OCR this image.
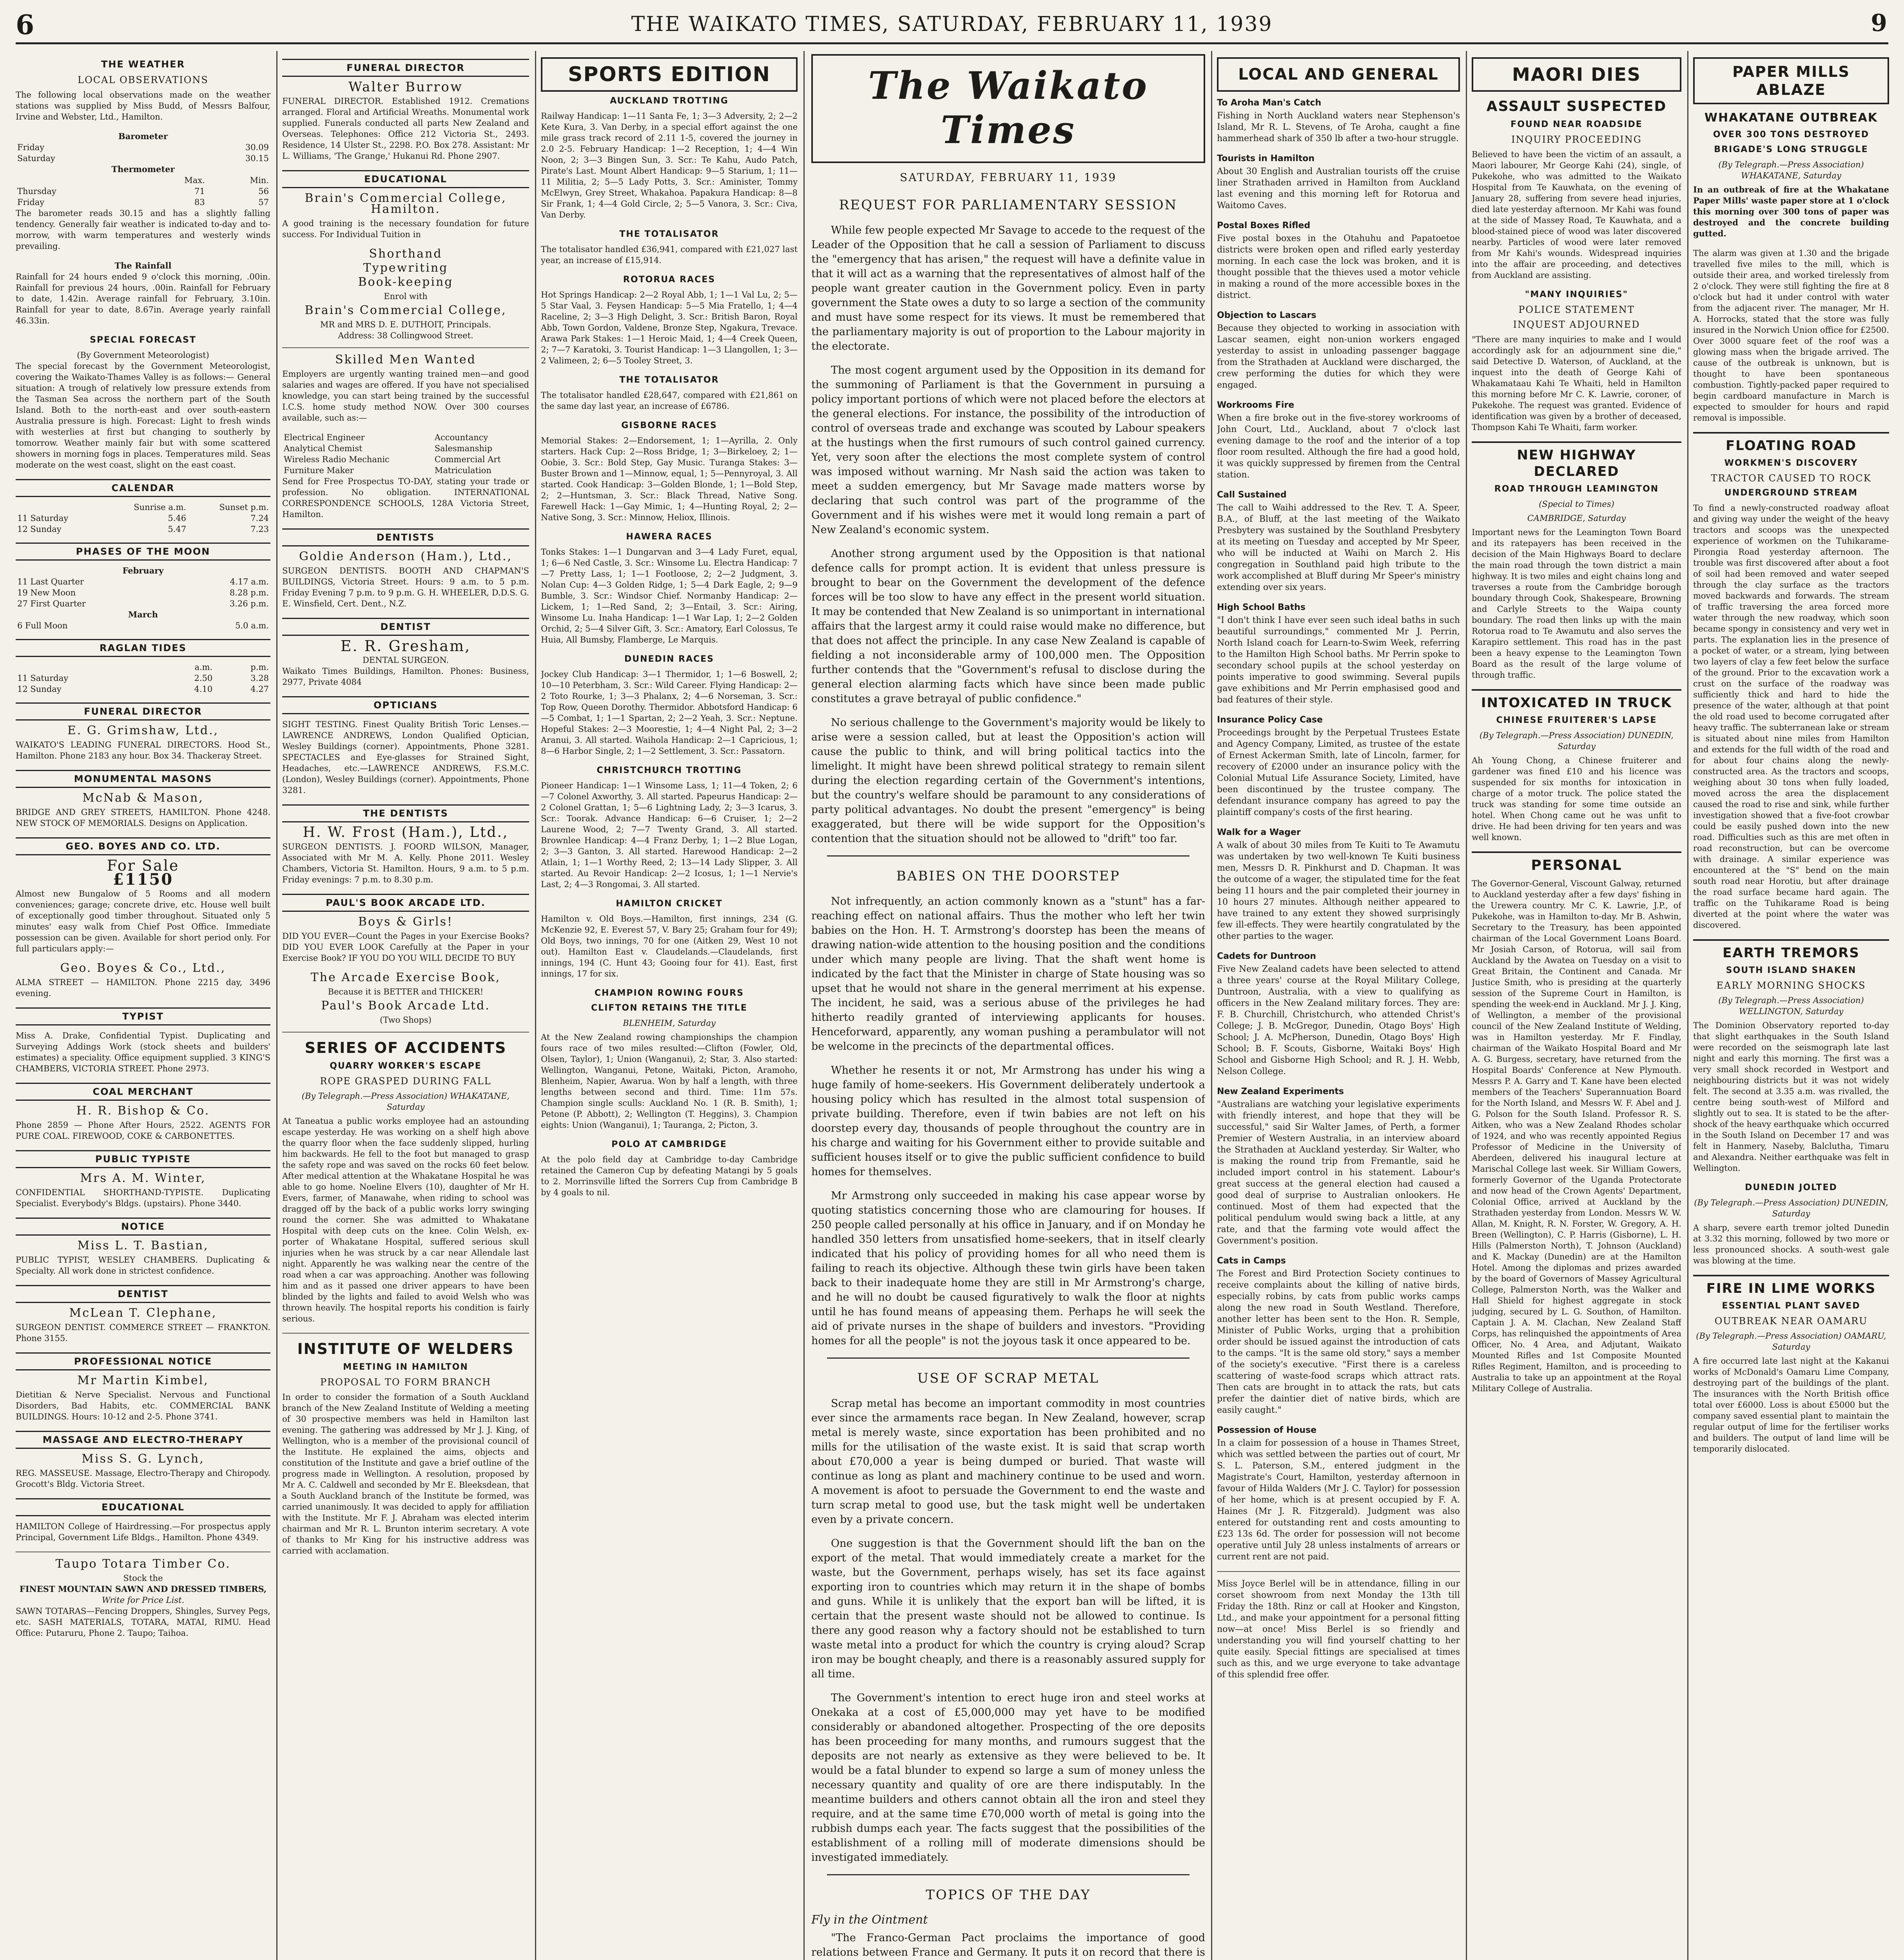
6	THE WAIKATO TIMES, SATURDAY, FEBRUARY 11, 1939	9
THE WEATHER
LOCAL OBSERVATIONS

The following local observations made on the weather stations was supplied by Miss Budd, of Messrs Balfour, Irvine and Webster, Ltd., Hamilton.

Barometer
Friday	30.09
Saturday	30.15
Thermometer
	Max.	Min.
Thursday	71	56
Friday	83	57

The barometer reads 30.15 and has a slightly falling tendency. Generally fair weather is indicated to-day and to-morrow, with warm temperatures and westerly winds prevailing.

The Rainfall

Rainfall for 24 hours ended 9 o'clock this morning, .00in. Rainfall for previous 24 hours, .00in. Rainfall for February to date, 1.42in. Average rainfall for February, 3.10in. Rainfall for year to date, 8.67in. Average yearly rainfall 46.33in.

SPECIAL FORECAST
(By Government Meteorologist)

The special forecast by the Government Meteorologist, covering the Waikato-Thames Valley is as follows:— General situation: A trough of relatively low pressure extends from the Tasman Sea across the northern part of the South Island. Both to the north-east and over south-eastern Australia pressure is high. Forecast: Light to fresh winds with westerlies at first but changing to southerly by tomorrow. Weather mainly fair but with some scattered showers in morning fogs in places. Temperatures mild. Seas moderate on the west coast, slight on the east coast.

CALENDAR
	Sunrise a.m.	Sunset p.m.
11 Saturday	5.46	7.24
12 Sunday	5.47	7.23
PHASES OF THE MOON
February
11 Last Quarter	4.17 a.m.
19 New Moon	8.28 p.m.
27 First Quarter	3.26 p.m.
March
6 Full Moon	5.0 a.m.
RAGLAN TIDES
	a.m.	p.m.
11 Saturday	2.50	3.28
12 Sunday	4.10	4.27
FUNERAL DIRECTOR
E. G. Grimshaw, Ltd.,

WAIKATO'S LEADING FUNERAL DIRECTORS. Hood St., Hamilton. Phone 2183 any hour. Box 34. Thackeray Street.

MONUMENTAL MASONS
McNab & Mason,

BRIDGE AND GREY STREETS, HAMILTON. Phone 4248. NEW STOCK OF MEMORIALS. Designs on Application.

GEO. BOYES AND CO. LTD.
For Sale
£1150

Almost new Bungalow of 5 Rooms and all modern conveniences; garage; concrete drive, etc. House well built of exceptionally good timber throughout. Situated only 5 minutes' easy walk from Chief Post Office. Immediate possession can be given. Available for short period only. For full particulars apply:—

Geo. Boyes & Co., Ltd.,

ALMA STREET — HAMILTON. Phone 2215 day, 3496 evening.

TYPIST

Miss A. Drake, Confidential Typist. Duplicating and Surveying Addings Work (stock sheets and builders' estimates) a speciality. Office equipment supplied. 3 KING'S CHAMBERS, VICTORIA STREET. Phone 2973.

COAL MERCHANT
H. R. Bishop & Co.

Phone 2859 — Phone After Hours, 2522. AGENTS FOR PURE COAL. FIREWOOD, COKE & CARBONETTES.

PUBLIC TYPISTE
Mrs A. M. Winter,

CONFIDENTIAL SHORTHAND-TYPISTE. Duplicating Specialist. Everybody's Bldgs. (upstairs). Phone 3440.

NOTICE
Miss L. T. Bastian,

PUBLIC TYPIST, WESLEY CHAMBERS. Duplicating & Specialty. All work done in strictest confidence.

DENTIST
McLean T. Clephane,

SURGEON DENTIST. COMMERCE STREET — FRANKTON. Phone 3155.

PROFESSIONAL NOTICE
Mr Martin Kimbel,

Dietitian & Nerve Specialist. Nervous and Functional Disorders, Bad Habits, etc. COMMERCIAL BANK BUILDINGS. Hours: 10-12 and 2-5. Phone 3741.

MASSAGE AND ELECTRO-THERAPY
Miss S. G. Lynch,

REG. MASSEUSE. Massage, Electro-Therapy and Chiropody. Grocott's Bldg. Victoria Street.

EDUCATIONAL

HAMILTON College of Hairdressing.—For prospectus apply Principal, Government Life Bldgs., Hamilton. Phone 4349.

Taupo Totara Timber Co.
Stock the
FINEST MOUNTAIN SAWN AND DRESSED TIMBERS,
Write for Price List.

SAWN TOTARAS—Fencing Droppers, Shingles, Survey Pegs, etc. SASH MATERIALS, TOTARA, MATAI, RIMU. Head Office: Putaruru, Phone 2. Taupo; Taihoa.

FUNERAL DIRECTOR
Walter Burrow

FUNERAL DIRECTOR. Established 1912. Cremations arranged. Floral and Artificial Wreaths. Monumental work supplied. Funerals conducted all parts New Zealand and Overseas. Telephones: Office 212 Victoria St., 2493. Residence, 14 Ulster St., 2298. P.O. Box 278. Assistant: Mr L. Williams, 'The Grange,' Hukanui Rd. Phone 2907.

EDUCATIONAL
Brain's Commercial College, Hamilton.

A good training is the necessary foundation for future success. For Individual Tuition in

Shorthand
Typewriting
Book-keeping
Enrol with
Brain's Commercial College,
MR and MRS D. E. DUTHOIT, Principals.
Address: 38 Collingwood Street.
Skilled Men Wanted

Employers are urgently wanting trained men—and good salaries and wages are offered. If you have not specialised knowledge, you can start being trained by the successful I.C.S. home study method NOW. Over 300 courses available, such as:—

Electrical Engineer	Accountancy
Analytical Chemist	Salesmanship
Wireless Radio Mechanic	Commercial Art
Furniture Maker	Matriculation

Send for Free Prospectus TO-DAY, stating your trade or profession. No obligation. INTERNATIONAL CORRESPONDENCE SCHOOLS, 128A Victoria Street, Hamilton.

DENTISTS
Goldie Anderson (Ham.), Ltd.,

SURGEON DENTISTS. BOOTH AND CHAPMAN'S BUILDINGS, Victoria Street. Hours: 9 a.m. to 5 p.m. Friday Evening 7 p.m. to 9 p.m. G. H. WHEELER, D.D.S. G. E. Winsfield, Cert. Dent., N.Z.

DENTIST
E. R. Gresham,
DENTAL SURGEON.

Waikato Times Buildings, Hamilton. Phones: Business, 2977, Private 4084

OPTICIANS

SIGHT TESTING. Finest Quality British Toric Lenses.—LAWRENCE ANDREWS, London Qualified Optician, Wesley Buildings (corner). Appointments, Phone 3281. SPECTACLES and Eye-glasses for Strained Sight, Headaches, etc.—LAWRENCE ANDREWS, F.S.M.C. (London), Wesley Buildings (corner). Appointments, Phone 3281.

THE DENTISTS
H. W. Frost (Ham.), Ltd.,

SURGEON DENTISTS. J. FOORD WILSON, Manager, Associated with Mr M. A. Kelly. Phone 2011. Wesley Chambers, Victoria St. Hamilton. Hours, 9 a.m. to 5 p.m. Friday evenings: 7 p.m. to 8.30 p.m.

PAUL'S BOOK ARCADE LTD.
Boys & Girls!

DID YOU EVER—Count the Pages in your Exercise Books? DID YOU EVER LOOK Carefully at the Paper in your Exercise Book? IF YOU DO YOU WILL DECIDE TO BUY

The Arcade Exercise Book,
Because it is BETTER and THICKER!
Paul's Book Arcade Ltd.
(Two Shops)
SERIES OF ACCIDENTS
QUARRY WORKER'S ESCAPE
ROPE GRASPED DURING FALL
(By Telegraph.—Press Association) WHAKATANE, Saturday

At Taneatua a public works employee had an astounding escape yesterday. He was working on a shelf high above the quarry floor when the face suddenly slipped, hurling him backwards. He fell to the foot but managed to grasp the safety rope and was saved on the rocks 60 feet below. After medical attention at the Whakatane Hospital he was able to go home. Noeline Elvers (10), daughter of Mr H. Evers, farmer, of Manawahe, when riding to school was dragged off by the back of a public works lorry swinging round the corner. She was admitted to Whakatane Hospital with deep cuts on the knee. Colin Welsh, ex-porter of Whakatane Hospital, suffered serious skull injuries when he was struck by a car near Allendale last night. Apparently he was walking near the centre of the road when a car was approaching. Another was following him and as it passed one driver appears to have been blinded by the lights and failed to avoid Welsh who was thrown heavily. The hospital reports his condition is fairly serious.

INSTITUTE OF WELDERS
MEETING IN HAMILTON
PROPOSAL TO FORM BRANCH

In order to consider the formation of a South Auckland branch of the New Zealand Institute of Welding a meeting of 30 prospective members was held in Hamilton last evening. The gathering was addressed by Mr J. J. King, of Wellington, who is a member of the provisional council of the Institute. He explained the aims, objects and constitution of the Institute and gave a brief outline of the progress made in Wellington. A resolution, proposed by Mr A. C. Caldwell and seconded by Mr E. Bleeksdean, that a South Auckland branch of the Institute be formed, was carried unanimously. It was decided to apply for affiliation with the Institute. Mr F. J. Abraham was elected interim chairman and Mr R. L. Brunton interim secretary. A vote of thanks to Mr King for his instructive address was carried with acclamation.

SPORTS EDITION
AUCKLAND TROTTING

Railway Handicap: 1—11 Santa Fe, 1; 3—3 Adversity, 2; 2—2 Kete Kura, 3. Van Derby, in a special effort against the one mile grass track record of 2.11 1-5, covered the journey in 2.0 2-5. February Handicap: 1—2 Reception, 1; 4—4 Win Noon, 2; 3—3 Bingen Sun, 3. Scr.: Te Kahu, Audo Patch, Pirate's Last. Mount Albert Handicap: 9—5 Starium, 1; 11—11 Militia, 2; 5—5 Lady Potts, 3. Scr.: Aminister, Tommy McElwyn, Grey Street, Whakahoa. Papakura Handicap: 8—8 Sir Frank, 1; 4—4 Gold Circle, 2; 5—5 Vanora, 3. Scr.: Civa, Van Derby.

THE TOTALISATOR

The totalisator handled £36,941, compared with £21,027 last year, an increase of £15,914.

ROTORUA RACES

Hot Springs Handicap: 2—2 Royal Abb, 1; 1—1 Val Lu, 2; 5—5 Star Vaal, 3. Feysen Handicap: 5—5 Mia Fratello, 1; 4—4 Raceline, 2; 3—3 High Delight, 3. Scr.: British Baron, Royal Abb, Town Gordon, Valdene, Bronze Step, Ngakura, Trevace. Arawa Park Stakes: 1—1 Heroic Maid, 1; 4—4 Creek Queen, 2; 7—7 Karatoki, 3. Tourist Handicap: 1—3 Llangollen, 1; 3—2 Valimeen, 2; 6—5 Tooley Street, 3.

THE TOTALISATOR

The totalisator handled £28,647, compared with £21,861 on the same day last year, an increase of £6786.

GISBORNE RACES

Memorial Stakes: 2—Endorsement, 1; 1—Ayrilla, 2. Only starters. Hack Cup: 2—Ross Bridge, 1; 3—Birkeloey, 2; 1—Oobie, 3. Scr.: Bold Step, Gay Music. Turanga Stakes: 3—Buster Brown and 1—Minnow, equal, 1; 5—Pennyroyal, 3. All started. Cook Handicap: 3—Golden Blonde, 1; 1—Bold Step, 2; 2—Huntsman, 3. Scr.: Black Thread, Native Song. Farewell Hack: 1—Gay Mimic, 1; 4—Hunting Royal, 2; 2—Native Song, 3. Scr.: Minnow, Heliox, Illinois.

HAWERA RACES

Tonks Stakes: 1—1 Dungarvan and 3—4 Lady Furet, equal, 1; 6—6 Ned Castle, 3. Scr.: Winsome Lu. Electra Handicap: 7—7 Pretty Lass, 1; 1—1 Footloose, 2; 2—2 Judgment, 3. Nolan Cup: 4—3 Golden Ridge, 1; 5—4 Dark Eagle, 2; 9—9 Bumble, 3. Scr.: Windsor Chief. Normanby Handicap: 2—Lickem, 1; 1—Red Sand, 2; 3—Entail, 3. Scr.: Airing, Winsome Lu. Inaha Handicap: 1—1 War Lap, 1; 2—2 Golden Orchid, 2; 5—4 Silver Gift, 3. Scr.: Amatory, Earl Colossus, Te Huia, All Bumsby, Flamberge, Le Marquis.

DUNEDIN RACES

Jockey Club Handicap: 3—1 Thermidor, 1; 1—6 Boswell, 2; 10—10 Peterbham, 3. Scr.: Wild Career. Flying Handicap: 2—2 Toto Rourke, 1; 3—3 Phalanx, 2; 4—6 Norseman, 3. Scr.: Top Row, Queen Dorothy. Thermidor. Abbotsford Handicap: 6—5 Combat, 1; 1—1 Spartan, 2; 2—2 Yeah, 3. Scr.: Neptune. Hopeful Stakes: 2—3 Moorestie, 1; 4—4 Night Pal, 2; 3—2 Aranui, 3. All started. Waihola Handicap: 2—1 Capricious, 1; 8—6 Harbor Single, 2; 1—2 Settlement, 3. Scr.: Passatorn.

CHRISTCHURCH TROTTING

Pioneer Handicap: 1—1 Winsome Lass, 1; 11—4 Token, 2; 6—7 Colonel Axworthy, 3. All started. Papeurus Handicap: 2—2 Colonel Grattan, 1; 5—6 Lightning Lady, 2; 3—3 Icarus, 3. Scr.: Toorak. Advance Handicap: 6—6 Cruiser, 1; 2—2 Laurene Wood, 2; 7—7 Twenty Grand, 3. All started. Brownlee Handicap: 4—4 Franz Derby, 1; 1—2 Blue Logan, 2; 3—3 Ganton, 3. All started. Harewood Handicap: 2—2 Atlain, 1; 1—1 Worthy Reed, 2; 13—14 Lady Slipper, 3. All started. Au Revoir Handicap: 2—2 Icosus, 1; 1—1 Nervie's Last, 2; 4—3 Rongomai, 3. All started.

HAMILTON CRICKET

Hamilton v. Old Boys.—Hamilton, first innings, 234 (G. McKenzie 92, E. Everest 57, V. Bary 25; Graham four for 49); Old Boys, two innings, 70 for one (Aitken 29, West 10 not out). Hamilton East v. Claudelands.—Claudelands, first innings, 194 (C. Hunt 43; Gooing four for 41). East, first innings, 17 for six.

CHAMPION ROWING FOURS
CLIFTON RETAINS THE TITLE
BLENHEIM, Saturday

At the New Zealand rowing championships the champion fours race of two miles resulted:—Clifton (Fowler, Old, Olsen, Taylor), 1; Union (Wanganui), 2; Star, 3. Also started: Wellington, Wanganui, Petone, Waitaki, Picton, Aramoho, Blenheim, Napier, Awarua. Won by half a length, with three lengths between second and third. Time: 11m 57s. Champion single sculls: Auckland No. 1 (R. B. Smith), 1; Petone (P. Abbott), 2; Wellington (T. Heggins), 3. Champion eights: Union (Wanganui), 1; Tauranga, 2; Picton, 3.

POLO AT CAMBRIDGE

At the polo field day at Cambridge to-day Cambridge retained the Cameron Cup by defeating Matangi by 5 goals to 2. Morrinsville lifted the Sorrers Cup from Cambridge B by 4 goals to nil.

The Waikato Times
SATURDAY, FEBRUARY 11, 1939
REQUEST FOR PARLIAMENTARY SESSION

While few people expected Mr Savage to accede to the request of the Leader of the Opposition that he call a session of Parliament to discuss the "emergency that has arisen," the request will have a definite value in that it will act as a warning that the representatives of almost half of the people want greater caution in the Government policy. Even in party government the State owes a duty to so large a section of the community and must have some respect for its views. It must be remembered that the parliamentary majority is out of proportion to the Labour majority in the electorate.

The most cogent argument used by the Opposition in its demand for the summoning of Parliament is that the Government in pursuing a policy important portions of which were not placed before the electors at the general elections. For instance, the possibility of the introduction of control of overseas trade and exchange was scouted by Labour speakers at the hustings when the first rumours of such control gained currency. Yet, very soon after the elections the most complete system of control was imposed without warning. Mr Nash said the action was taken to meet a sudden emergency, but Mr Savage made matters worse by declaring that such control was part of the programme of the Government and if his wishes were met it would long remain a part of New Zealand's economic system.

Another strong argument used by the Opposition is that national defence calls for prompt action. It is evident that unless pressure is brought to bear on the Government the development of the defence forces will be too slow to have any effect in the present world situation. It may be contended that New Zealand is so unimportant in international affairs that the largest army it could raise would make no difference, but that does not affect the principle. In any case New Zealand is capable of fielding a not inconsiderable army of 100,000 men. The Opposition further contends that the "Government's refusal to disclose during the general election alarming facts which have since been made public constitutes a grave betrayal of public confidence."

No serious challenge to the Government's majority would be likely to arise were a session called, but at least the Opposition's action will cause the public to think, and will bring political tactics into the limelight. It might have been shrewd political strategy to remain silent during the election regarding certain of the Government's intentions, but the country's welfare should be paramount to any considerations of party political advantages. No doubt the present "emergency" is being exaggerated, but there will be wide support for the Opposition's contention that the situation should not be allowed to "drift" too far.

BABIES ON THE DOORSTEP

Not infrequently, an action commonly known as a "stunt" has a far-reaching effect on national affairs. Thus the mother who left her twin babies on the Hon. H. T. Armstrong's doorstep has been the means of drawing nation-wide attention to the housing position and the conditions under which many people are living. That the shaft went home is indicated by the fact that the Minister in charge of State housing was so upset that he would not share in the general merriment at his expense. The incident, he said, was a serious abuse of the privileges he had hitherto readily granted of interviewing applicants for houses. Henceforward, apparently, any woman pushing a perambulator will not be welcome in the precincts of the departmental offices.

Whether he resents it or not, Mr Armstrong has under his wing a huge family of home-seekers. His Government deliberately undertook a housing policy which has resulted in the almost total suspension of private building. Therefore, even if twin babies are not left on his doorstep every day, thousands of people throughout the country are in his charge and waiting for his Government either to provide suitable and sufficient houses itself or to give the public sufficient confidence to build homes for themselves.

Mr Armstrong only succeeded in making his case appear worse by quoting statistics concerning those who are clamouring for houses. If 250 people called personally at his office in January, and if on Monday he handled 350 letters from unsatisfied home-seekers, that in itself clearly indicated that his policy of providing homes for all who need them is failing to reach its objective. Although these twin girls have been taken back to their inadequate home they are still in Mr Armstrong's charge, and he will no doubt be caused figuratively to walk the floor at nights until he has found means of appeasing them. Perhaps he will seek the aid of private nurses in the shape of builders and investors. "Providing homes for all the people" is not the joyous task it once appeared to be.

USE OF SCRAP METAL

Scrap metal has become an important commodity in most countries ever since the armaments race began. In New Zealand, however, scrap metal is merely waste, since exportation has been prohibited and no mills for the utilisation of the waste exist. It is said that scrap worth about £70,000 a year is being dumped or buried. That waste will continue as long as plant and machinery continue to be used and worn. A movement is afoot to persuade the Government to end the waste and turn scrap metal to good use, but the task might well be undertaken even by a private concern.

One suggestion is that the Government should lift the ban on the export of the metal. That would immediately create a market for the waste, but the Government, perhaps wisely, has set its face against exporting iron to countries which may return it in the shape of bombs and guns. While it is unlikely that the export ban will be lifted, it is certain that the present waste should not be allowed to continue. Is there any good reason why a factory should not be established to turn waste metal into a product for which the country is crying aloud? Scrap iron may be bought cheaply, and there is a reasonably assured supply for all time.

The Government's intention to erect huge iron and steel works at Onekaka at a cost of £5,000,000 may yet have to be modified considerably or abandoned altogether. Prospecting of the ore deposits has been proceeding for many months, and rumours suggest that the deposits are not nearly as extensive as they were believed to be. It would be a fatal blunder to expend so large a sum of money unless the necessary quantity and quality of ore are there indisputably. In the meantime builders and others cannot obtain all the iron and steel they require, and at the same time £70,000 worth of metal is going into the rubbish dumps each year. The facts suggest that the possibilities of the establishment of a rolling mill of moderate dimensions should be investigated immediately.

TOPICS OF THE DAY
Fly in the Ointment

"The Franco-German Pact proclaims the importance of good relations between France and Germany. It puts it on record that there is

LOCAL AND GENERAL
To Aroha Man's Catch

Fishing in North Auckland waters near Stephenson's Island, Mr R. L. Stevens, of Te Aroha, caught a fine hammerhead shark of 350 lb after a two-hour struggle.

Tourists in Hamilton

About 30 English and Australian tourists off the cruise liner Strathaden arrived in Hamilton from Auckland last evening and this morning left for Rotorua and Waitomo Caves.

Postal Boxes Rifled

Five postal boxes in the Otahuhu and Papatoetoe districts were broken open and rifled early yesterday morning. In each case the lock was broken, and it is thought possible that the thieves used a motor vehicle in making a round of the more accessible boxes in the district.

Objection to Lascars

Because they objected to working in association with Lascar seamen, eight non-union workers engaged yesterday to assist in unloading passenger baggage from the Strathaden at Auckland were discharged, the crew performing the duties for which they were engaged.

Workrooms Fire

When a fire broke out in the five-storey workrooms of John Court, Ltd., Auckland, about 7 o'clock last evening damage to the roof and the interior of a top floor room resulted. Although the fire had a good hold, it was quickly suppressed by firemen from the Central station.

Call Sustained

The call to Waihi addressed to the Rev. T. A. Speer, B.A., of Bluff, at the last meeting of the Waikato Presbytery was sustained by the Southland Presbytery at its meeting on Tuesday and accepted by Mr Speer, who will be inducted at Waihi on March 2. His congregation in Southland paid high tribute to the work accomplished at Bluff during Mr Speer's ministry extending over six years.

High School Baths

"I don't think I have ever seen such ideal baths in such beautiful surroundings," commented Mr J. Perrin, North Island coach for Learn-to-Swim Week, referring to the Hamilton High School baths. Mr Perrin spoke to secondary school pupils at the school yesterday on points imperative to good swimming. Several pupils gave exhibitions and Mr Perrin emphasised good and bad features of their style.

Insurance Policy Case

Proceedings brought by the Perpetual Trustees Estate and Agency Company, Limited, as trustee of the estate of Ernest Ackerman Smith, late of Lincoln, farmer, for recovery of £2000 under an insurance policy with the Colonial Mutual Life Assurance Society, Limited, have been discontinued by the trustee company. The defendant insurance company has agreed to pay the plaintiff company's costs of the first hearing.

Walk for a Wager

A walk of about 30 miles from Te Kuiti to Te Awamutu was undertaken by two well-known Te Kuiti business men, Messrs D. R. Pinkhurst and D. Chapman. It was the outcome of a wager, the stipulated time for the feat being 11 hours and the pair completed their journey in 10 hours 27 minutes. Although neither appeared to have trained to any extent they showed surprisingly few ill-effects. They were heartily congratulated by the other parties to the wager.

Cadets for Duntroon

Five New Zealand cadets have been selected to attend a three years' course at the Royal Military College, Duntroon, Australia, with a view to qualifying as officers in the New Zealand military forces. They are: F. B. Churchill, Christchurch, who attended Christ's College; J. B. McGregor, Dunedin, Otago Boys' High School; J. A. McPherson, Dunedin, Otago Boys' High School; B. F. Scouts, Gisborne, Waitaki Boys' High School and Gisborne High School; and R. J. H. Webb, Nelson College.

New Zealand Experiments

"Australians are watching your legislative experiments with friendly interest, and hope that they will be successful," said Sir Walter James, of Perth, a former Premier of Western Australia, in an interview aboard the Strathaden at Auckland yesterday. Sir Walter, who is making the round trip from Fremantle, said he included import control in his statement. Labour's great success at the general election had caused a good deal of surprise to Australian onlookers. He continued. Most of them had expected that the political pendulum would swing back a little, at any rate, and that the farming vote would affect the Government's position.

Cats in Camps

The Forest and Bird Protection Society continues to receive complaints about the killing of native birds, especially robins, by cats from public works camps along the new road in South Westland. Therefore, another letter has been sent to the Hon. R. Semple, Minister of Public Works, urging that a prohibition order should be issued against the introduction of cats to the camps. "It is the same old story," says a member of the society's executive. "First there is a careless scattering of waste-food scraps which attract rats. Then cats are brought in to attack the rats, but cats prefer the daintier diet of native birds, which are easily caught."

Possession of House

In a claim for possession of a house in Thames Street, which was settled between the parties out of court, Mr S. L. Paterson, S.M., entered judgment in the Magistrate's Court, Hamilton, yesterday afternoon in favour of Hilda Walders (Mr J. C. Taylor) for possession of her home, which is at present occupied by F. A. Haines (Mr J. R. Fitzgerald). Judgment was also entered for outstanding rent and costs amounting to £23 13s 6d. The order for possession will not become operative until July 28 unless instalments of arrears or current rent are not paid.

Miss Joyce Berlel will be in attendance, filling in our corset showroom from next Monday the 13th till Friday the 18th. Rinz or call at Hooker and Kingston, Ltd., and make your appointment for a personal fitting now—at once! Miss Berlel is so friendly and understanding you will find yourself chatting to her quite easily. Special fittings are specialised at times such as this, and we urge everyone to take advantage of this splendid free offer.

MAORI DIES
ASSAULT SUSPECTED
FOUND NEAR ROADSIDE
INQUIRY PROCEEDING

Believed to have been the victim of an assault, a Maori labourer, Mr George Kahi (24), single, of Pukekohe, who was admitted to the Waikato Hospital from Te Kauwhata, on the evening of January 28, suffering from severe head injuries, died late yesterday afternoon. Mr Kahi was found at the side of Massey Road, Te Kauwhata, and a blood-stained piece of wood was later discovered nearby. Particles of wood were later removed from Mr Kahi's wounds. Widespread inquiries into the affair are proceeding, and detectives from Auckland are assisting.

"MANY INQUIRIES"
POLICE STATEMENT
INQUEST ADJOURNED

"There are many inquiries to make and I would accordingly ask for an adjournment sine die," said Detective D. Waterson, of Auckland, at the inquest into the death of George Kahi of Whakamataau Kahi Te Whaiti, held in Hamilton this morning before Mr C. K. Lawrie, coroner, of Pukekohe. The request was granted. Evidence of identification was given by a brother of deceased, Thompson Kahi Te Whaiti, farm worker.

NEW HIGHWAY DECLARED
ROAD THROUGH LEAMINGTON
(Special to Times)
CAMBRIDGE, Saturday

Important news for the Leamington Town Board and its ratepayers has been received in the decision of the Main Highways Board to declare the main road through the town district a main highway. It is two miles and eight chains long and traverses a route from the Cambridge borough boundary through Cook, Shakespeare, Browning and Carlyle Streets to the Waipa county boundary. The road then links up with the main Rotorua road to Te Awamutu and also serves the Karapiro settlement. This road has in the past been a heavy expense to the Leamington Town Board as the result of the large volume of through traffic.

INTOXICATED IN TRUCK
CHINESE FRUITERER'S LAPSE
(By Telegraph.—Press Association) DUNEDIN, Saturday

Ah Young Chong, a Chinese fruiterer and gardener was fined £10 and his licence was suspended for six months for intoxication in charge of a motor truck. The police stated the truck was standing for some time outside an hotel. When Chong came out he was unfit to drive. He had been driving for ten years and was well known.

PERSONAL

The Governor-General, Viscount Galway, returned to Auckland yesterday after a few days' fishing in the Urewera country. Mr C. K. Lawrie, J.P., of Pukekohe, was in Hamilton to-day. Mr B. Ashwin, Secretary to the Treasury, has been appointed chairman of the Local Government Loans Board. Mr Josiah Carson, of Rotorua, will sail from Auckland by the Awatea on Tuesday on a visit to Great Britain, the Continent and Canada. Mr Justice Smith, who is presiding at the quarterly session of the Supreme Court in Hamilton, is spending the week-end in Auckland. Mr J. J. King, of Wellington, a member of the provisional council of the New Zealand Institute of Welding, was in Hamilton yesterday. Mr F. Findlay, chairman of the Waikato Hospital Board and Mr A. G. Burgess, secretary, have returned from the Hospital Boards' Conference at New Plymouth. Messrs P. A. Garry and T. Kane have been elected members of the Teachers' Superannuation Board for the North Island, and Messrs W. F. Abel and J. G. Polson for the South Island. Professor R. S. Aitken, who was a New Zealand Rhodes scholar of 1924, and who was recently appointed Regius Professor of Medicine in the University of Aberdeen, delivered his inaugural lecture at Marischal College last week. Sir William Gowers, formerly Governor of the Uganda Protectorate and now head of the Crown Agents' Department, Colonial Office, arrived at Auckland by the Strathaden yesterday from London. Messrs W. W. Allan, M. Knight, R. N. Forster, W. Gregory, A. H. Breen (Wellington), C. P. Harris (Gisborne), L. H. Hills (Palmerston North), T. Johnson (Auckland) and K. Mackay (Dunedin) are at the Hamilton Hotel. Among the diplomas and prizes awarded by the board of Governors of Massey Agricultural College, Palmerston North, was the Walker and Hall Shield for highest aggregate in stock judging, secured by L. G. Southon, of Hamilton. Captain J. A. M. Clachan, New Zealand Staff Corps, has relinquished the appointments of Area Officer, No. 4 Area, and Adjutant, Waikato Mounted Rifles and 1st Composite Mounted Rifles Regiment, Hamilton, and is proceeding to Australia to take up an appointment at the Royal Military College of Australia.

PAPER MILLS ABLAZE
WHAKATANE OUTBREAK
OVER 300 TONS DESTROYED
BRIGADE'S LONG STRUGGLE
(By Telegraph.—Press Association) WHAKATANE, Saturday

In an outbreak of fire at the Whakatane Paper Mills' waste paper store at 1 o'clock this morning over 300 tons of paper was destroyed and the concrete building gutted.

The alarm was given at 1.30 and the brigade travelled five miles to the mill, which is outside their area, and worked tirelessly from 2 o'clock. They were still fighting the fire at 8 o'clock but had it under control with water from the adjacent river. The manager, Mr H. A. Horrocks, stated that the store was fully insured in the Norwich Union office for £2500. Over 3000 square feet of the roof was a glowing mass when the brigade arrived. The cause of the outbreak is unknown, but is thought to have been spontaneous combustion. Tightly-packed paper required to begin cardboard manufacture in March is expected to smoulder for hours and rapid removal is impossible.

FLOATING ROAD
WORKMEN'S DISCOVERY
TRACTOR CAUSED TO ROCK
UNDERGROUND STREAM

To find a newly-constructed roadway afloat and giving way under the weight of the heavy tractors and scoops was the unexpected experience of workmen on the Tuhikarame-Pirongia Road yesterday afternoon. The trouble was first discovered after about a foot of soil had been removed and water seeped through the clay surface as the tractors moved backwards and forwards. The stream of traffic traversing the area forced more water through the new roadway, which soon became spongy in consistency and very wet in parts. The explanation lies in the presence of a pocket of water, or a stream, lying between two layers of clay a few feet below the surface of the ground. Prior to the excavation work a crust on the surface of the roadway was sufficiently thick and hard to hide the presence of the water, although at that point the old road used to become corrugated after heavy traffic. The subterranean lake or stream is situated about nine miles from Hamilton and extends for the full width of the road and for about four chains along the newly-constructed area. As the tractors and scoops, weighing about 30 tons when fully loaded, moved across the area the displacement caused the road to rise and sink, while further investigation showed that a five-foot crowbar could be easily pushed down into the new road. Difficulties such as this are met often in road reconstruction, but can be overcome with drainage. A similar experience was encountered at the "S" bend on the main south road near Horotiu, but after drainage the road surface became hard again. The traffic on the Tuhikarame Road is being diverted at the point where the water was discovered.

EARTH TREMORS
SOUTH ISLAND SHAKEN
EARLY MORNING SHOCKS
(By Telegraph.—Press Association) WELLINGTON, Saturday

The Dominion Observatory reported to-day that slight earthquakes in the South Island were recorded on the seismograph late last night and early this morning. The first was a very small shock recorded in Westport and neighbouring districts but it was not widely felt. The second at 3.35 a.m. was rivalled, the centre being south-west of Milford and slightly out to sea. It is stated to be the after-shock of the heavy earthquake which occurred in the South Island on December 17 and was felt in Hanmery, Naseby, Balclutha, Timaru and Alexandra. Neither earthquake was felt in Wellington.

DUNEDIN JOLTED
(By Telegraph.—Press Association) DUNEDIN, Saturday

A sharp, severe earth tremor jolted Dunedin at 3.32 this morning, followed by two more or less pronounced shocks. A south-west gale was blowing at the time.

FIRE IN LIME WORKS
ESSENTIAL PLANT SAVED
OUTBREAK NEAR OAMARU
(By Telegraph.—Press Association) OAMARU, Saturday

A fire occurred late last night at the Kakanui works of McDonald's Oamaru Lime Company, destroying part of the buildings of the plant. The insurances with the North British office total over £6000. Loss is about £5000 but the company saved essential plant to maintain the regular output of lime for the fertiliser works and builders. The output of land lime will be temporarily dislocated.
